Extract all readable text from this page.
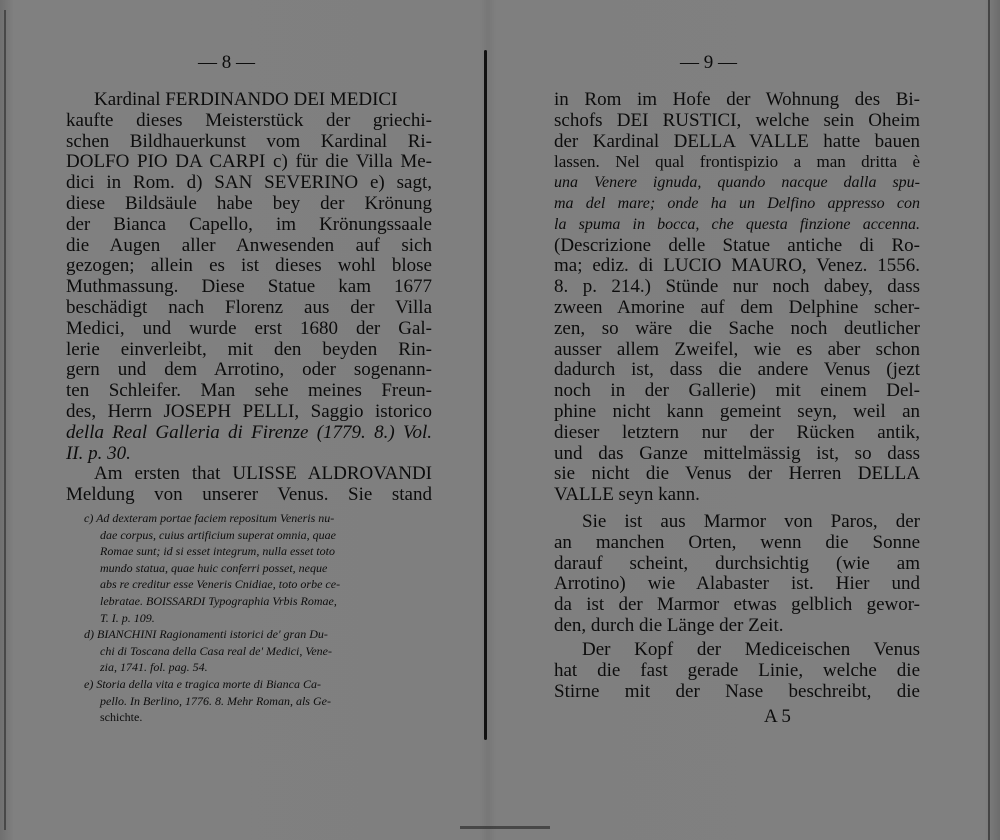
— 8 —
Kardinal FERDINANDO DEI MEDICI
kaufte dieses Meisterstück der griechi-
schen Bildhauerkunst vom Kardinal Ri-
DOLFO PIO DA CARPI c) für die Villa Me-
dici in Rom. d) SAN SEVERINO e) sagt,
diese Bildsäule habe bey der Krönung
der Bianca Capello, im Krönungssaale
die Augen aller Anwesenden auf sich
gezogen; allein es ist dieses wohl blose
Muthmassung. Diese Statue kam 1677
beschädigt nach Florenz aus der Villa
Medici, und wurde erst 1680 der Gal-
lerie einverleibt, mit den beyden Rin-
gern und dem Arrotino, oder sogenann-
ten Schleifer. Man sehe meines Freun-
des, Herrn JOSEPH PELLI, Saggio istorico
della Real Galleria di Firenze (1779. 8.) Vol.
II. p. 30.
Am ersten that ULISSE ALDROVANDI
Meldung von unserer Venus. Sie stand
c) Ad dexteram portae faciem repositum Veneris nu-
dae corpus, cuius artificium superat omnia, quae
Romae sunt; id si esset integrum, nulla esset toto
mundo statua, quae huic conferri posset, neque
abs re creditur esse Veneris Cnidiae, toto orbe ce-
lebratae. BOISSARDI Typographia Vrbis Romae,
T. I. p. 109.
d) BIANCHINI Ragionamenti istorici de' gran Du-
chi di Toscana della Casa real de' Medici, Vene-
zia, 1741. fol. pag. 54.
e) Storia della vita e tragica morte di Bianca Ca-
pello. In Berlino, 1776. 8. Mehr Roman, als Ge-
schichte.
— 9 —
in Rom im Hofe der Wohnung des Bi-
schofs DEI RUSTICI, welche sein Oheim
der Kardinal DELLA VALLE hatte bauen
lassen. Nel qual frontispizio a man dritta è
una Venere ignuda, quando nacque dalla spu-
ma del mare; onde ha un Delfino appresso con
la spuma in bocca, che questa finzione accenna.
(Descrizione delle Statue antiche di Ro-
ma; ediz. di LUCIO MAURO, Venez. 1556.
8. p. 214.) Stünde nur noch dabey, dass
zween Amorine auf dem Delphine scher-
zen, so wäre die Sache noch deutlicher
ausser allem Zweifel, wie es aber schon
dadurch ist, dass die andere Venus (jezt
noch in der Gallerie) mit einem Del-
phine nicht kann gemeint seyn, weil an
dieser letztern nur der Rücken antik,
und das Ganze mittelmässig ist, so dass
sie nicht die Venus der Herren DELLA
VALLE seyn kann.
Sie ist aus Marmor von Paros, der
an manchen Orten, wenn die Sonne
darauf scheint, durchsichtig (wie am
Arrotino) wie Alabaster ist. Hier und
da ist der Marmor etwas gelblich gewor-
den, durch die Länge der Zeit.
Der Kopf der Mediceischen Venus
hat die fast gerade Linie, welche die
Stirne mit der Nase beschreibt, die
A 5
